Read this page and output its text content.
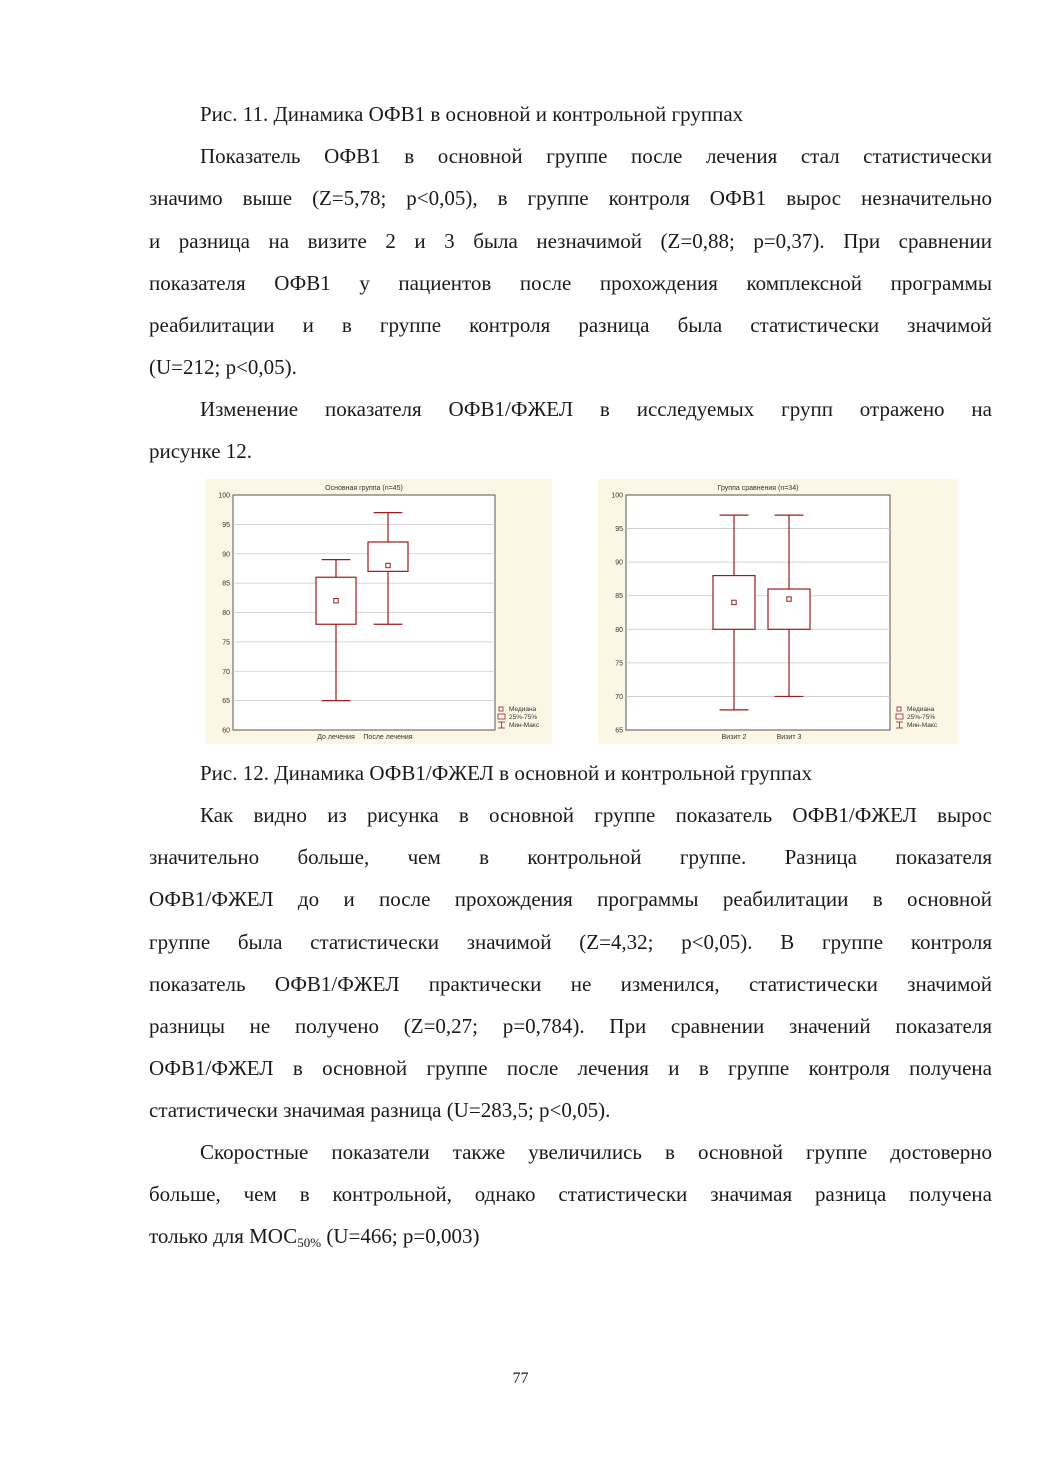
Рис. 11. Динамика ОФВ1 в основной и контрольной группах
Показатель ОФВ1 в основной группе после лечения стал статистически
значимо выше (Z=5,78; p<0,05), в группе контроля ОФВ1 вырос незначительно
и разница на визите 2 и 3 была незначимой (Z=0,88; p=0,37). При сравнении
показателя ОФВ1 у пациентов после прохождения комплексной программы
реабилитации и в группе контроля разница была статистически значимой
(U=212; p<0,05).
Изменение показателя ОФВ1/ФЖЕЛ в исследуемых групп отражено на
рисунке 12.
60
65
70
75
80
85
90
95
100
Основная группа (n=45)
До лечения После лечения
Медиана
25%-75%
Мин-Макс
65
70
75
80
85
90
95
100
Группа сравнения (n=34)
Визит 2	Визит 3
Медиана
25%-75%
Мин-Макс
Рис. 12. Динамика ОФВ1/ФЖЕЛ в основной и контрольной группах
Как видно из рисунка в основной группе показатель ОФВ1/ФЖЕЛ вырос
значительно больше, чем в контрольной группе. Разница показателя
ОФВ1/ФЖЕЛ до и после прохождения программы реабилитации в основной
группе была статистически значимой (Z=4,32; p<0,05). В группе контроля
показатель ОФВ1/ФЖЕЛ практически не изменился, статистически значимой
разницы не получено (Z=0,27; p=0,784). При сравнении значений показателя
ОФВ1/ФЖЕЛ в основной группе после лечения и в группе контроля получена
статистически значимая разница (U=283,5; p<0,05).
Скоростные показатели также увеличились в основной группе достоверно
больше, чем в контрольной, однако статистически значимая разница получена
только для $МОС_{50\%}$ (U=466; p=0,003)
77
